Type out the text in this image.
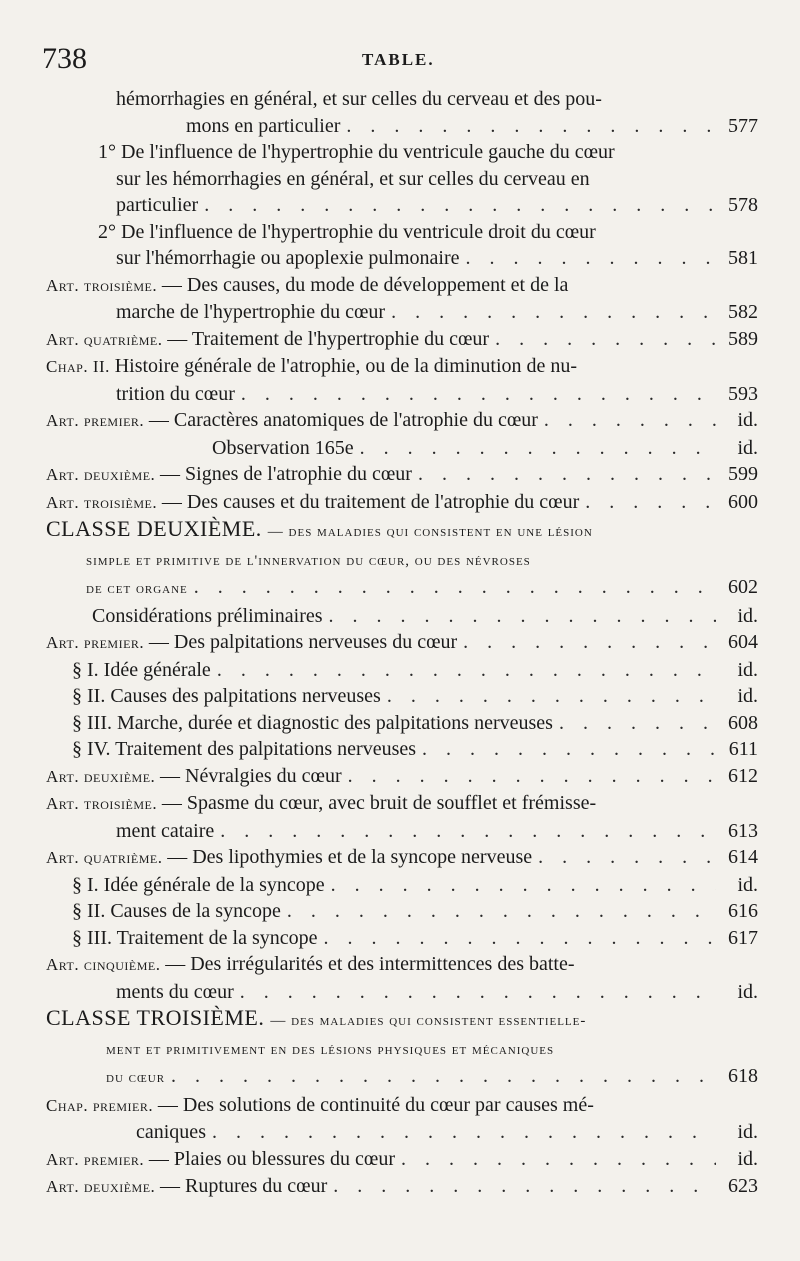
738	TABLE.
hémorrhagies en général, et sur celles du cerveau et des pou-
mons en particulier . . .	577
1° De l'influence de l'hypertrophie du ventricule gauche du cœur
sur les hémorrhagies en général, et sur celles du cerveau en
particulier . . .	578
2° De l'influence de l'hypertrophie du ventricule droit du cœur
sur l'hémorrhagie ou apoplexie pulmonaire . . .	581
Art. troisième. — Des causes, du mode de développement et de la
marche de l'hypertrophie du cœur . . .	582
Art. quatrième. — Traitement de l'hypertrophie du cœur . . .	589
Chap. II. Histoire générale de l'atrophie, ou de la diminution de nu-
trition du cœur . . .	593
Art. premier. — Caractères anatomiques de l'atrophie du cœur . . .	id.
Observation 165e . . .	id.
Art. deuxième. — Signes de l'atrophie du cœur . . .	599
Art. troisième. — Des causes et du traitement de l'atrophie du cœur . . .	600
CLASSE DEUXIÈME. — des maladies qui consistent en une lésion
simple et primitive de l'innervation du cœur, ou des névroses
de cet organe . . .	602
Considérations préliminaires . . .	id.
Art. premier. — Des palpitations nerveuses du cœur . . .	604
§ I. Idée générale . . .	id.
§ II. Causes des palpitations nerveuses . . .	id.
§ III. Marche, durée et diagnostic des palpitations nerveuses . . .	608
§ IV. Traitement des palpitations nerveuses . . .	611
Art. deuxième. — Névralgies du cœur . . .	612
Art. troisième. — Spasme du cœur, avec bruit de soufflet et frémisse-
ment cataire . . .	613
Art. quatrième. — Des lipothymies et de la syncope nerveuse . . .	614
§ I. Idée générale de la syncope . . .	id.
§ II. Causes de la syncope . . .	616
§ III. Traitement de la syncope . . .	617
Art. cinquième. — Des irrégularités et des intermittences des batte-
ments du cœur . . .	id.
CLASSE TROISIÈME. — des maladies qui consistent essentielle-
ment et primitivement en des lésions physiques et mécaniques
du cœur . . .	618
Chap. premier. — Des solutions de continuité du cœur par causes mé-
caniques . . .	id.
Art. premier. — Plaies ou blessures du cœur . . .	id.
Art. deuxième. — Ruptures du cœur . . .	623
